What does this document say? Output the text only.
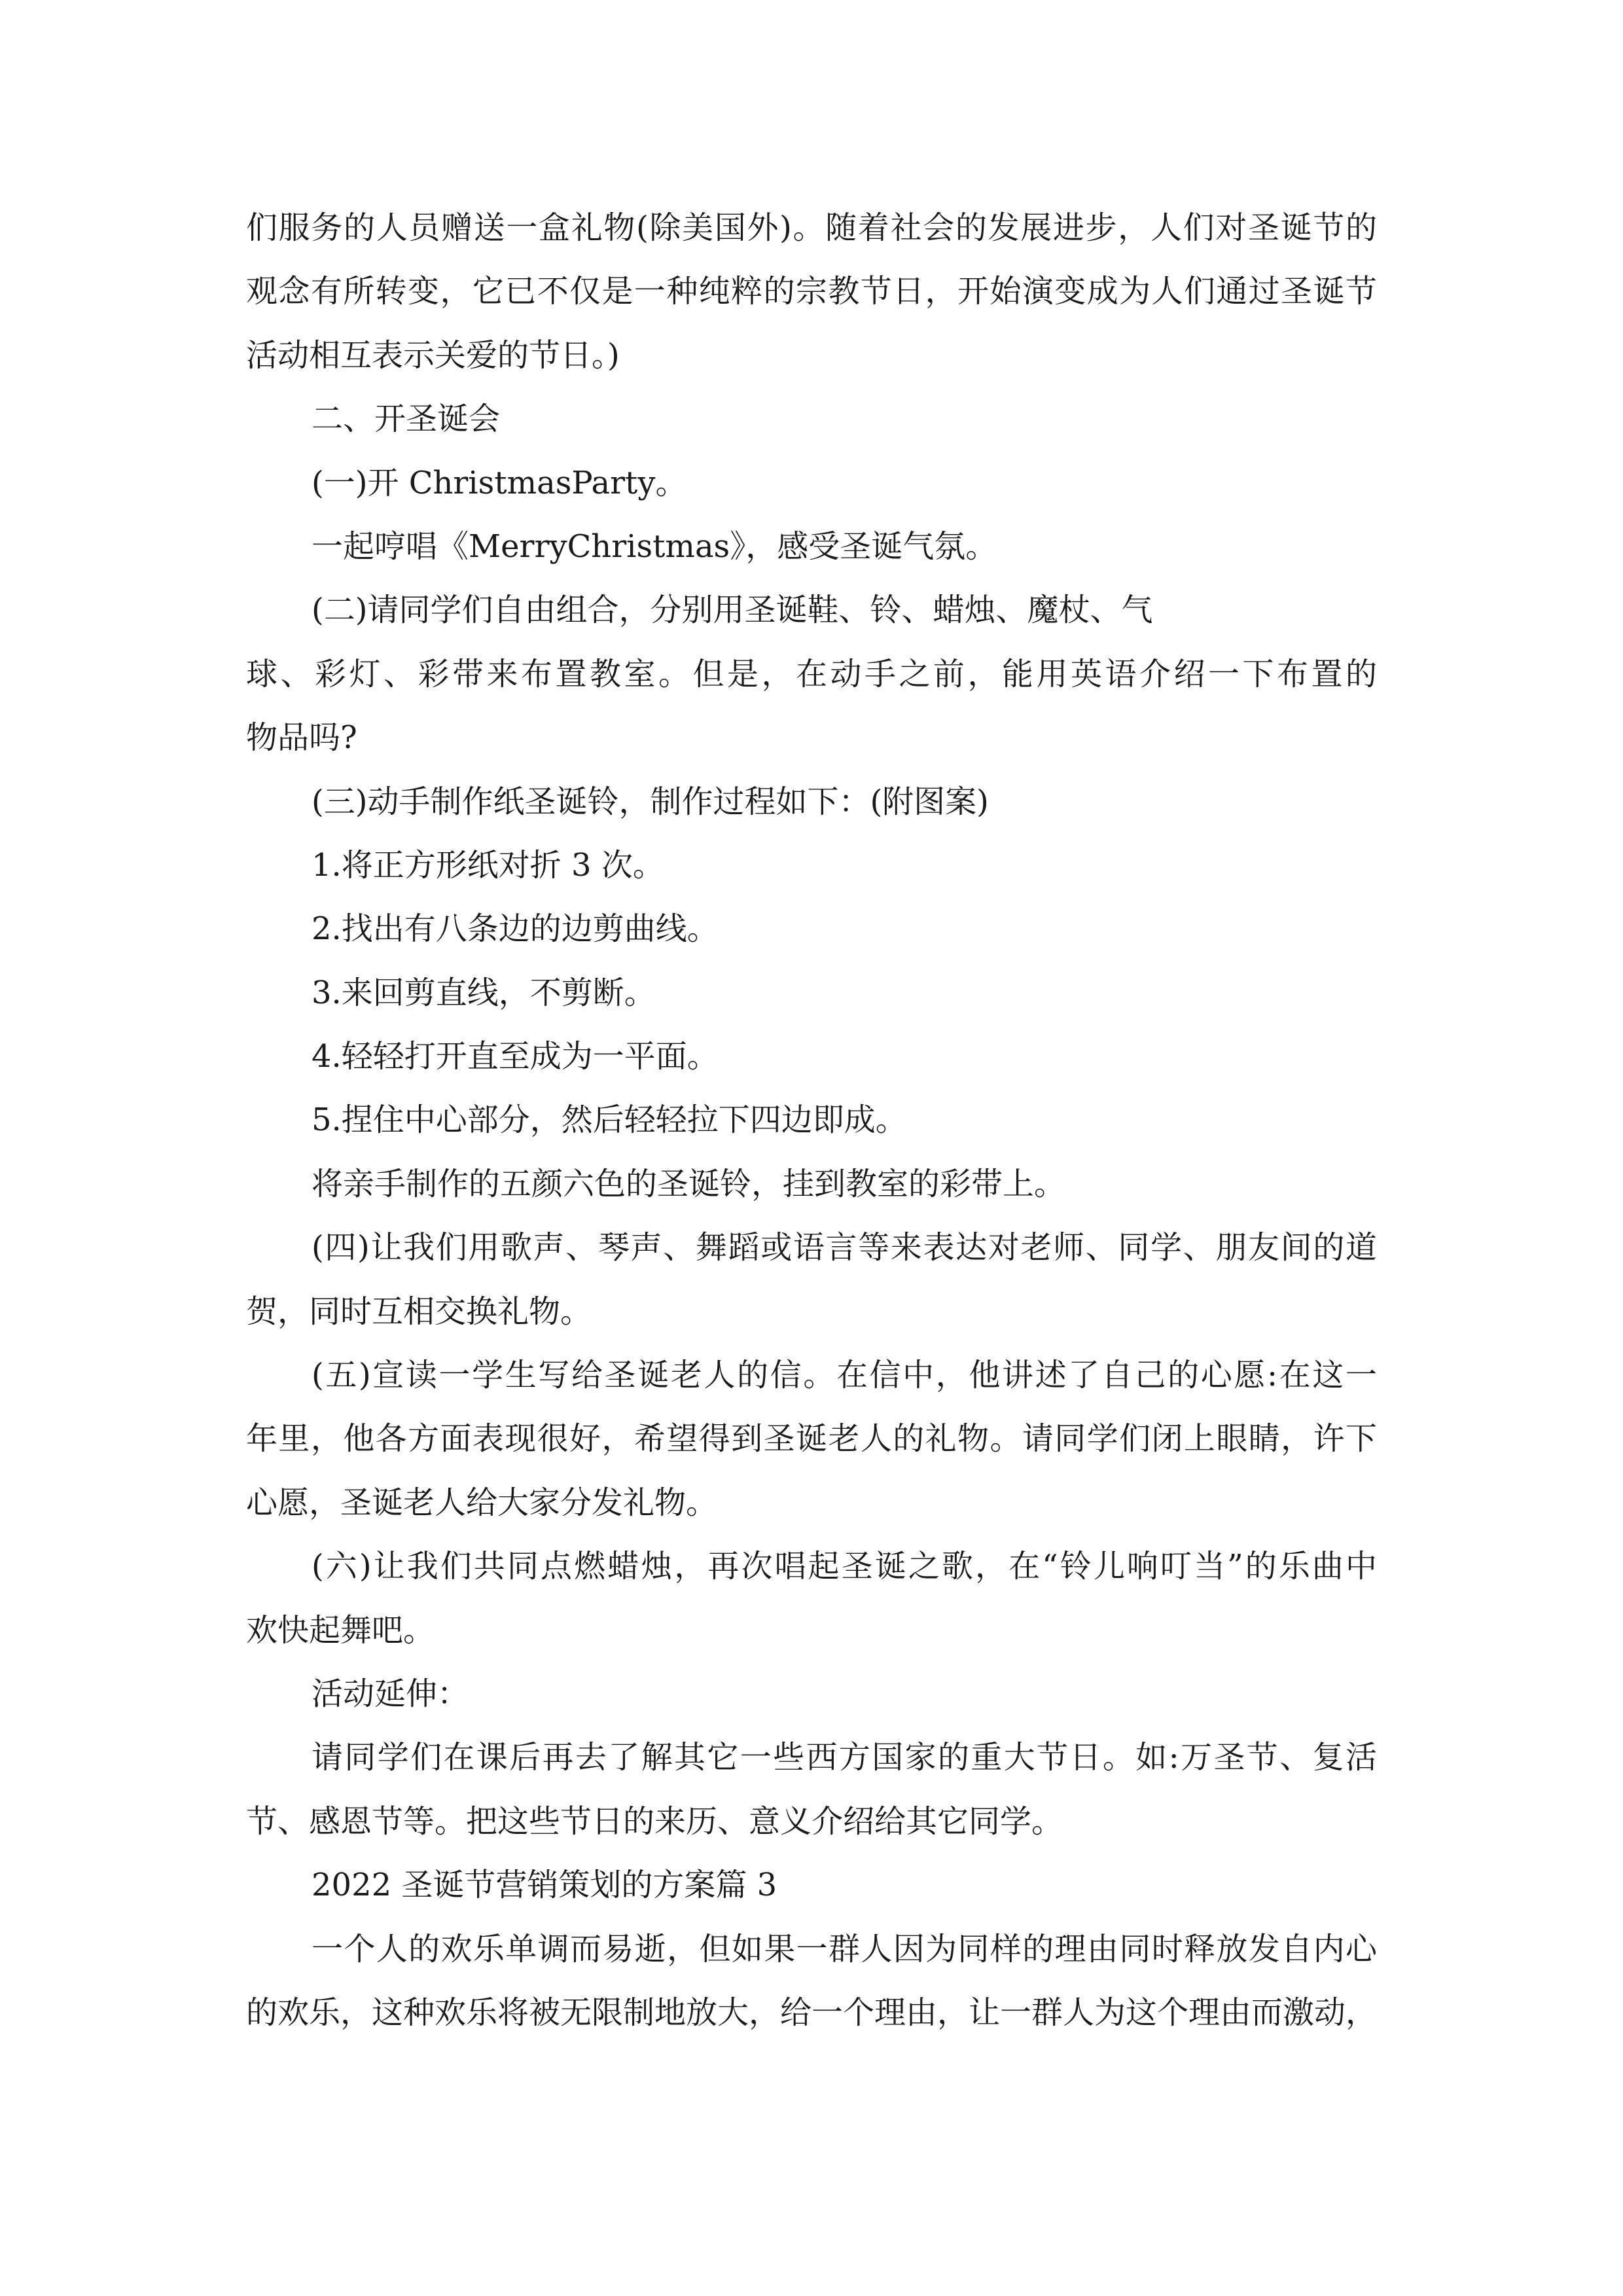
们服务的人员赠送一盒礼物(除美国外)。随着社会的发展进步，人们对圣诞节的
观念有所转变，它已不仅是一种纯粹的宗教节日，开始演变成为人们通过圣诞节
活动相互表示关爱的节日。)
二、开圣诞会
(一)开 ChristmasParty。
一起哼唱《MerryChristmas》，感受圣诞气氛。
(二)请同学们自由组合，分别用圣诞鞋、铃、蜡烛、魔杖、气
球、彩灯、彩带来布置教室。但是，在动手之前，能用英语介绍一下布置的
物品吗?
(三)动手制作纸圣诞铃，制作过程如下：(附图案)
1.将正方形纸对折 3 次。
2.找出有八条边的边剪曲线。
3.来回剪直线，不剪断。
4.轻轻打开直至成为一平面。
5.捏住中心部分，然后轻轻拉下四边即成。
将亲手制作的五颜六色的圣诞铃，挂到教室的彩带上。
(四)让我们用歌声、琴声、舞蹈或语言等来表达对老师、同学、朋友间的道
贺，同时互相交换礼物。
(五)宣读一学生写给圣诞老人的信。在信中，他讲述了自己的心愿:在这一
年里，他各方面表现很好，希望得到圣诞老人的礼物。请同学们闭上眼睛，许下
心愿，圣诞老人给大家分发礼物。
(六)让我们共同点燃蜡烛，再次唱起圣诞之歌，在“铃儿响叮当”的乐曲中
欢快起舞吧。
活动延伸：
请同学们在课后再去了解其它一些西方国家的重大节日。如:万圣节、复活
节、感恩节等。把这些节日的来历、意义介绍给其它同学。
2022 圣诞节营销策划的方案篇 3
一个人的欢乐单调而易逝，但如果一群人因为同样的理由同时释放发自内心
的欢乐，这种欢乐将被无限制地放大，给一个理由，让一群人为这个理由而激动，
